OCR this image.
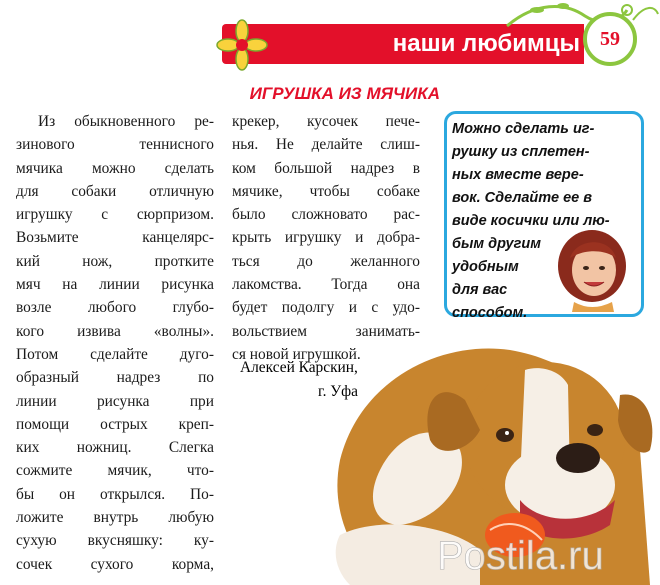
наши любимцы	59
ИГРУШКА ИЗ МЯЧИКА
Из обыкновенного ре-
зинового теннисного
мячика можно сделать
для собаки отличную
игрушку с сюрпризом.
Возьмите канцелярс-
кий нож, протките
мяч на линии рисунка
возле любого глубо-
кого извива «волны».
Потом сделайте дуго-
образный надрез по
линии рисунка при
помощи острых креп-
ких ножниц. Слегка
сожмите мячик, что-
бы он открылся. По-
ложите внутрь любую
сухую вкусняшку: ку-
сочек сухого корма,
крекер, кусочек пече-
нья. Не делайте слиш-
ком большой надрез в
мячике, чтобы собаке
было сложновато рас-
крыть игрушку и добра-
ться до желанного
лакомства. Тогда она
будет подолгу и с удо-
вольствием занимать-
ся новой игрушкой.
Алексей Карскин,
г. Уфа
Можно сделать иг-
рушку из сплетен-
ных вместе вере-
вок. Сделайте ее в
виде косички или лю-
бым другим
удобным
для вас
способом.
Postila.ru
